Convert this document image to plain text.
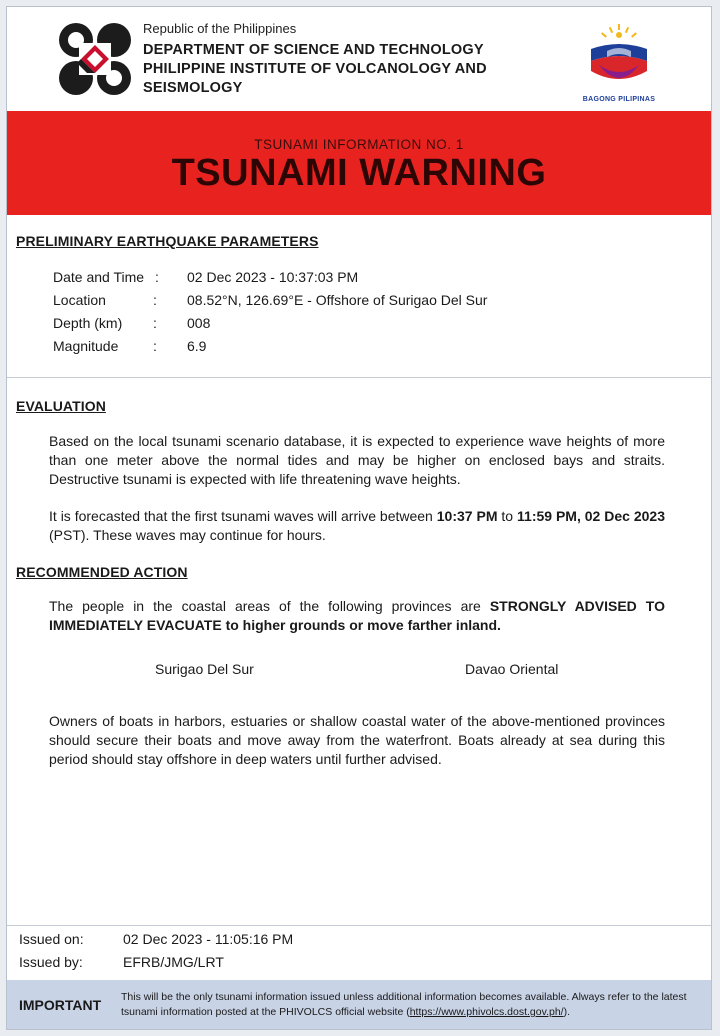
Republic of the Philippines
DEPARTMENT OF SCIENCE AND TECHNOLOGY
PHILIPPINE INSTITUTE OF VOLCANOLOGY AND
SEISMOLOGY
BAGONG PILIPINAS
TSUNAMI INFORMATION NO. 1
TSUNAMI WARNING
PRELIMINARY EARTHQUAKE PARAMETERS
Date and Time : 02 Dec 2023 - 10:37:03 PM
Location	: 08.52°N, 126.69°E - Offshore of Surigao Del Sur
Depth (km) : 008
Magnitude : 6.9
EVALUATION
Based on the local tsunami scenario database, it is expected to experience wave heights of more than one meter above the normal tides and may be higher on enclosed bays and straits. Destructive tsunami is expected with life threatening wave heights.
It is forecasted that the first tsunami waves will arrive between 10:37 PM to 11:59 PM, 02 Dec 2023 (PST). These waves may continue for hours.
RECOMMENDED ACTION
The people in the coastal areas of the following provinces are STRONGLY ADVISED TO IMMEDIATELY EVACUATE to higher grounds or move farther inland.
Surigao Del Sur	Davao Oriental
Owners of boats in harbors, estuaries or shallow coastal water of the above-mentioned provinces should secure their boats and move away from the waterfront. Boats already at sea during this period should stay offshore in deep waters until further advised.
Issued on:	02 Dec 2023 - 11:05:16 PM
Issued by:	EFRB/JMG/LRT
IMPORTANT This will be the only tsunami information issued unless additional information becomes available. Always refer to the latest tsunami information posted at the PHIVOLCS official website (https://www.phivolcs.dost.gov.ph/).
